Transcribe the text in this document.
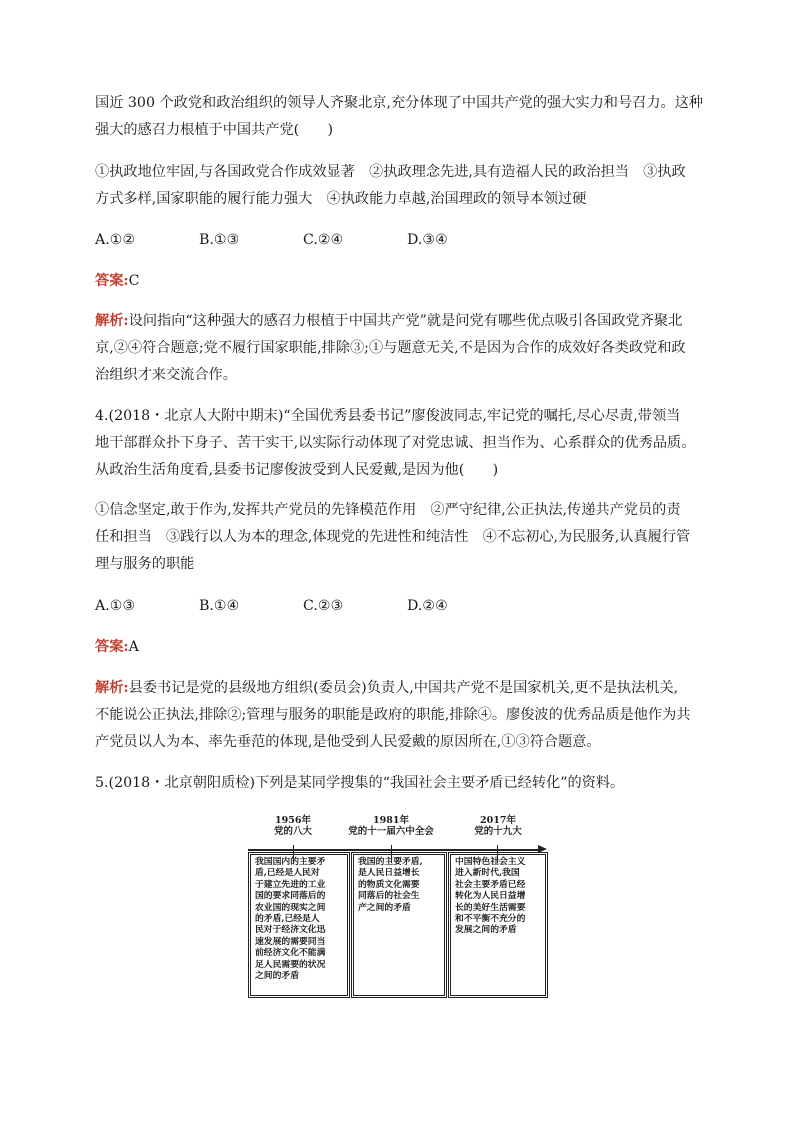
国近 300 个政党和政治组织的领导人齐聚北京,充分体现了中国共产党的强大实力和号召力。这种
强大的感召力根植于中国共产党(　　)
①执政地位牢固,与各国政党合作成效显著　②执政理念先进,具有造福人民的政治担当　③执政
方式多样,国家职能的履行能力强大　④执政能力卓越,治国理政的领导本领过硬
A.①②	B.①③	C.②④	D.③④
答案:C
解析:设问指向“这种强大的感召力根植于中国共产党”就是问党有哪些优点吸引各国政党齐聚北
京,②④符合题意;党不履行国家职能,排除③;①与题意无关,不是因为合作的成效好各类政党和政
治组织才来交流合作。
4.(2018・北京人大附中期末)“全国优秀县委书记”廖俊波同志,牢记党的嘱托,尽心尽责,带领当
地干部群众扑下身子、苦干实干,以实际行动体现了对党忠诚、担当作为、心系群众的优秀品质。
从政治生活角度看,县委书记廖俊波受到人民爱戴,是因为他(　　)
①信念坚定,敢于作为,发挥共产党员的先锋模范作用　②严守纪律,公正执法,传递共产党员的责
任和担当　③践行以人为本的理念,体现党的先进性和纯洁性　④不忘初心,为民服务,认真履行管
理与服务的职能
A.①③	B.①④	C.②③	D.②④
答案:A
解析:县委书记是党的县级地方组织(委员会)负责人,中国共产党不是国家机关,更不是执法机关,
不能说公正执法,排除②;管理与服务的职能是政府的职能,排除④。廖俊波的优秀品质是他作为共
产党员以人为本、率先垂范的体现,是他受到人民爱戴的原因所在,①③符合题意。
5.(2018・北京朝阳质检)下列是某同学搜集的“我国社会主要矛盾已经转化”的资料。
1956年
党的八大
1981年
党的十一届六中全会
2017年
党的十九大
我国国内的主要矛
盾,已经是人民对
于建立先进的工业
国的要求同落后的
农业国的现实之间
的矛盾,已经是人
民对于经济文化迅
速发展的需要同当
前经济文化不能满
足人民需要的状况
之间的矛盾
我国的主要矛盾,
是人民日益增长
的物质文化需要
同落后的社会生
产之间的矛盾
中国特色社会主义
进入新时代,我国
社会主要矛盾已经
转化为人民日益增
长的美好生活需要
和不平衡不充分的
发展之间的矛盾
